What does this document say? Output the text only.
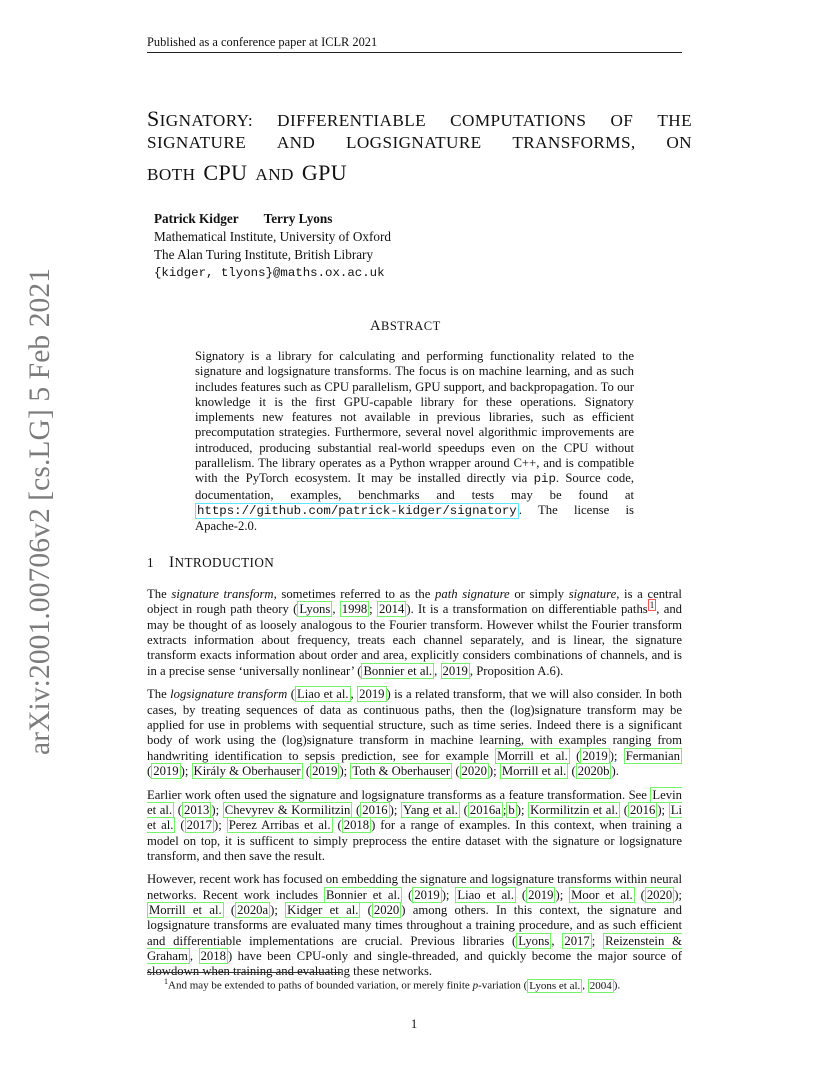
Published as a conference paper at ICLR 2021
arXiv:2001.00706v2 [cs.LG] 5 Feb 2021
SIGNATORY: DIFFERENTIABLE COMPUTATIONS OF THE
SIGNATURE AND LOGSIGNATURE TRANSFORMS, ON
BOTH CPU AND GPU
Patrick Kidger Terry Lyons
Mathematical Institute, University of Oxford
The Alan Turing Institute, British Library
{kidger, tlyons}@maths.ox.ac.uk
ABSTRACT
Signatory is a library for calculating and performing functionality related to the signature and logsignature transforms. The focus is on machine learning, and as such includes features such as CPU parallelism, GPU support, and backpropagation. To our knowledge it is the first GPU-capable library for these operations. Signatory implements new features not available in previous libraries, such as efficient precomputation strategies. Furthermore, several novel algorithmic improvements are introduced, producing substantial real-world speedups even on the CPU without parallelism. The library operates as a Python wrapper around C++, and is compatible with the PyTorch ecosystem. It may be installed directly via pip. Source code, documentation, examples, benchmarks and tests may be found at https://github.com/patrick-kidger/signatory . The license is Apache-2.0.
1 INTRODUCTION

The signature transform, sometimes referred to as the path signature or simply signature, is a central object in rough path theory ( Lyons , 1998 ; 2014 ). It is a transformation on differentiable paths $^1$ , and may be thought of as loosely analogous to the Fourier transform. However whilst the Fourier transform extracts information about frequency, treats each channel separately, and is linear, the signature transform exacts information about order and area, explicitly considers combinations of channels, and is in a precise sense ‘universally nonlinear’ ( Bonnier et al. , 2019 , Proposition A.6).

The logsignature transform ( Liao et al. , 2019 ) is a related transform, that we will also consider. In both cases, by treating sequences of data as continuous paths, then the (log)signature transform may be applied for use in problems with sequential structure, such as time series. Indeed there is a significant body of work using the (log)signature transform in machine learning, with examples ranging from handwriting identification to sepsis prediction, see for example Morrill et al. ( 2019 ); Fermanian ( 2019 ); Király & Oberhauser ( 2019 ); Toth & Oberhauser ( 2020 ); Morrill et al. ( 2020b ).

Earlier work often used the signature and logsignature transforms as a feature transformation. See Levin et al. ( 2013 ); Chevyrev & Kormilitzin ( 2016 ); Yang et al. ( 2016a ; b ); Kormilitzin et al. ( 2016 ); Li et al. ( 2017 ); Perez Arribas et al. ( 2018 ) for a range of examples. In this context, when training a model on top, it is sufficent to simply preprocess the entire dataset with the signature or logsignature transform, and then save the result.

However, recent work has focused on embedding the signature and logsignature transforms within neural networks. Recent work includes Bonnier et al. ( 2019 ); Liao et al. ( 2019 ); Moor et al. ( 2020 ); Morrill et al. ( 2020a ); Kidger et al. ( 2020 ) among others. In this context, the signature and logsignature transforms are evaluated many times throughout a training procedure, and as such efficient and differentiable implementations are crucial. Previous libraries ( Lyons , 2017 ; Reizenstein & Graham , 2018 ) have been CPU-only and single-threaded, and quickly become the major source of slowdown when training and evaluating these networks.

$^1$And may be extended to paths of bounded variation, or merely finite p-variation ( Lyons et al. , 2004 ).
1
